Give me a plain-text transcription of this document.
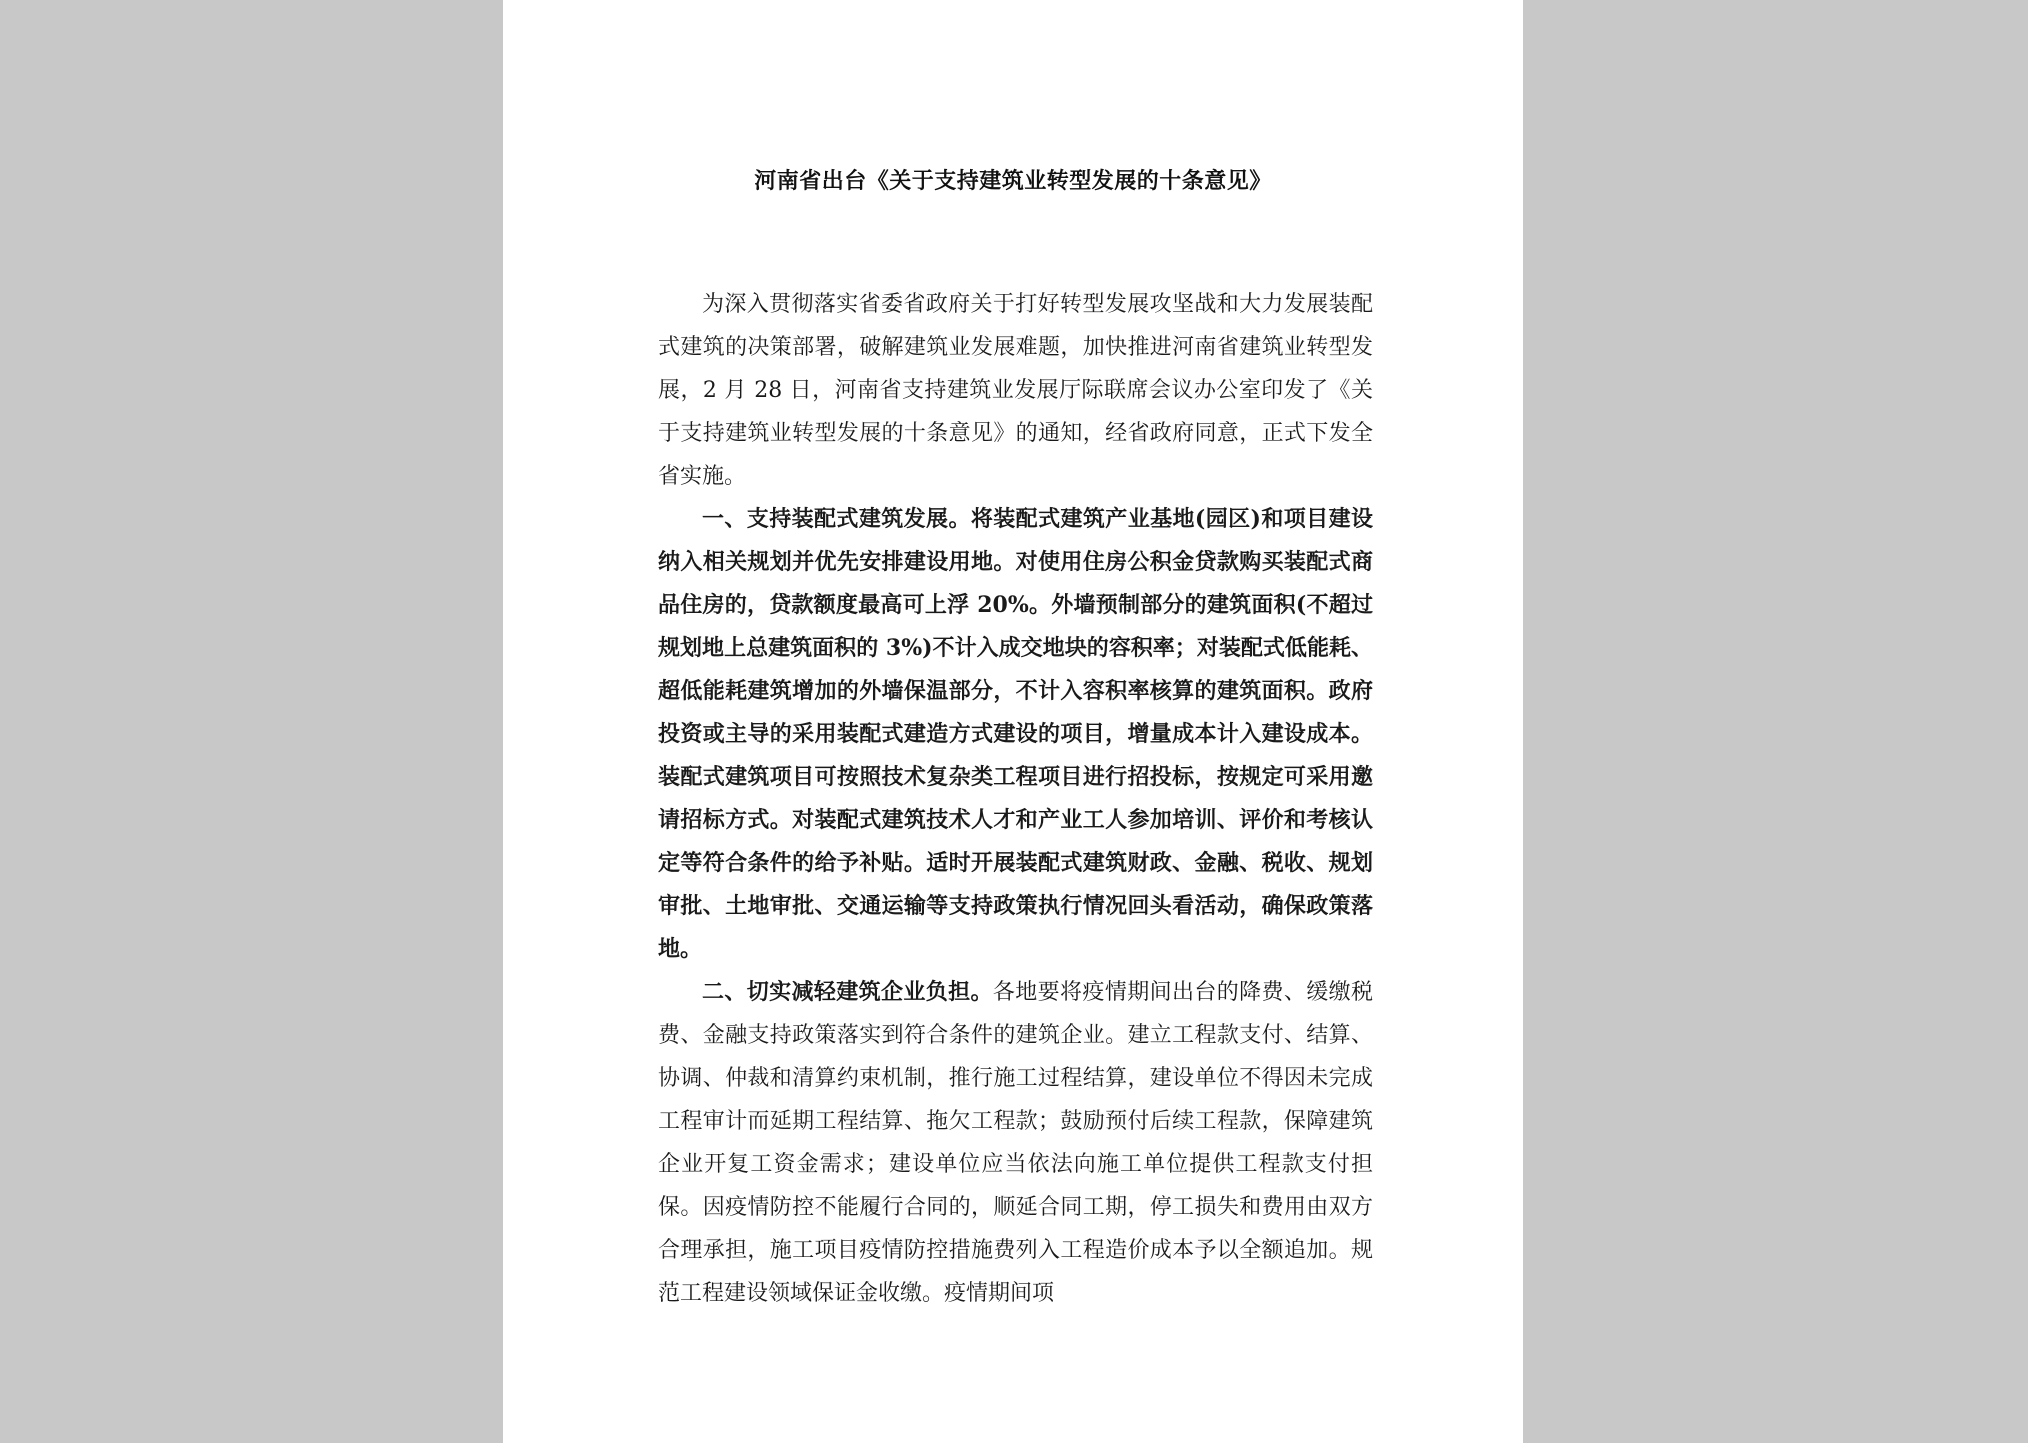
河南省出台《关于支持建筑业转型发展的十条意见》

为深入贯彻落实省委省政府关于打好转型发展攻坚战和大力发展装配式建筑的决策部署，破解建筑业发展难题，加快推进河南省建筑业转型发展，2 月 28 日，河南省支持建筑业发展厅际联席会议办公室印发了《关于支持建筑业转型发展的十条意见》的通知，经省政府同意，正式下发全省实施。

一、支持装配式建筑发展。将装配式建筑产业基地(园区)和项目建设纳入相关规划并优先安排建设用地。对使用住房公积金贷款购买装配式商品住房的，贷款额度最高可上浮 20%。外墙预制部分的建筑面积(不超过规划地上总建筑面积的 3%)不计入成交地块的容积率；对装配式低能耗、超低能耗建筑增加的外墙保温部分，不计入容积率核算的建筑面积。政府投资或主导的采用装配式建造方式建设的项目，增量成本计入建设成本。装配式建筑项目可按照技术复杂类工程项目进行招投标，按规定可采用邀请招标方式。对装配式建筑技术人才和产业工人参加培训、评价和考核认定等符合条件的给予补贴。适时开展装配式建筑财政、金融、税收、规划审批、土地审批、交通运输等支持政策执行情况回头看活动，确保政策落地。

二、切实减轻建筑企业负担。各地要将疫情期间出台的降费、缓缴税费、金融支持政策落实到符合条件的建筑企业。建立工程款支付、结算、协调、仲裁和清算约束机制，推行施工过程结算，建设单位不得因未完成工程审计而延期工程结算、拖欠工程款；鼓励预付后续工程款，保障建筑企业开复工资金需求；建设单位应当依法向施工单位提供工程款支付担保。因疫情防控不能履行合同的，顺延合同工期，停工损失和费用由双方合理承担，施工项目疫情防控措施费列入工程造价成本予以全额追加。规范工程建设领域保证金收缴。疫情期间项
